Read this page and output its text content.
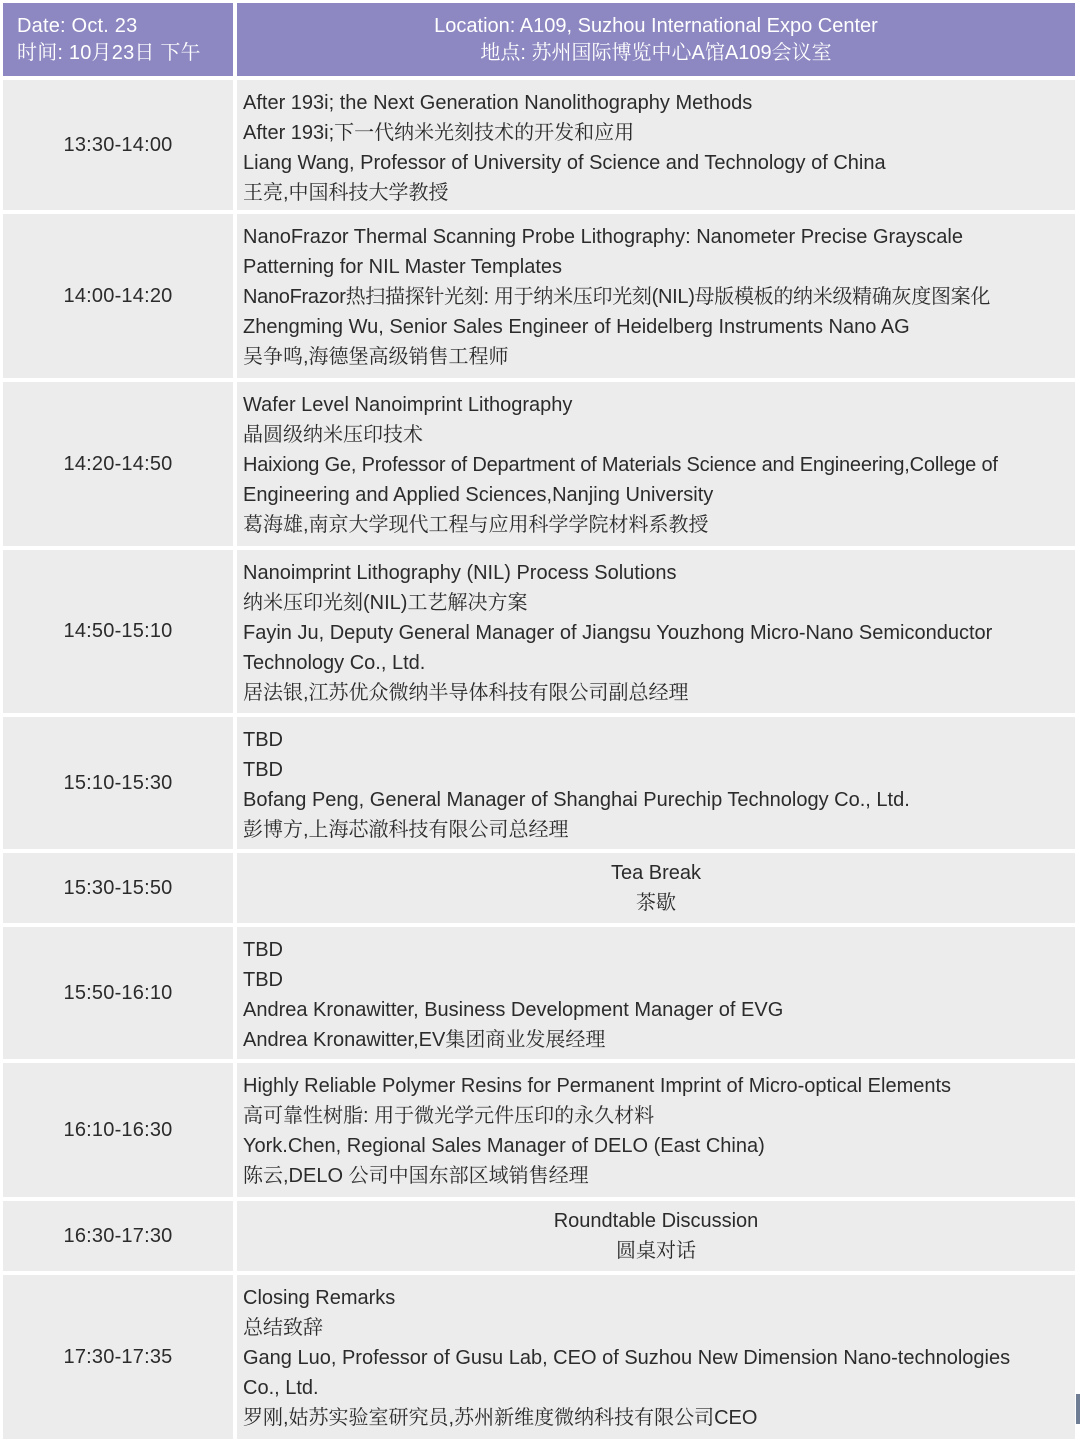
Date: Oct. 23
时间: 10月23日 下午
Location: A109, Suzhou International Expo Center
地点: 苏州国际博览中心A馆A109会议室
13:30-14:00
After 193i; the Next Generation Nanolithography Methods
After 193i;下一代纳米光刻技术的开发和应用
Liang Wang, Professor of University of Science and Technology of China
王亮,中国科技大学教授
14:00-14:20
NanoFrazor Thermal Scanning Probe Lithography: Nanometer Precise Grayscale
Patterning for NIL Master Templates
NanoFrazor热扫描探针光刻: 用于纳米压印光刻(NIL)母版模板的纳米级精确灰度图案化
Zhengming Wu, Senior Sales Engineer of Heidelberg Instruments Nano AG
吴争鸣,海德堡高级销售工程师
14:20-14:50
Wafer Level Nanoimprint Lithography
晶圆级纳米压印技术
Haixiong Ge, Professor of Department of Materials Science and Engineering,College of
Engineering and Applied Sciences,Nanjing University
葛海雄,南京大学现代工程与应用科学学院材料系教授
14:50-15:10
Nanoimprint Lithography (NIL) Process Solutions
纳米压印光刻(NIL)工艺解决方案
Fayin Ju, Deputy General Manager of Jiangsu Youzhong Micro-Nano Semiconductor
Technology Co., Ltd.
居法银,江苏优众微纳半导体科技有限公司副总经理
15:10-15:30
TBD
TBD
Bofang Peng, General Manager of Shanghai Purechip Technology Co., Ltd.
彭博方,上海芯澈科技有限公司总经理
15:30-15:50
Tea Break
茶歇
15:50-16:10
TBD
TBD
Andrea Kronawitter, Business Development Manager of EVG
Andrea Kronawitter,EV集团商业发展经理
16:10-16:30
Highly Reliable Polymer Resins for Permanent Imprint of Micro-optical Elements
高可靠性树脂: 用于微光学元件压印的永久材料
York.Chen, Regional Sales Manager of DELO (East China)
陈云,DELO 公司中国东部区域销售经理
16:30-17:30
Roundtable Discussion
圆桌对话
17:30-17:35
Closing Remarks
总结致辞
Gang Luo, Professor of Gusu Lab, CEO of Suzhou New Dimension Nano-technologies
Co., Ltd.
罗刚,姑苏实验室研究员,苏州新维度微纳科技有限公司CEO
